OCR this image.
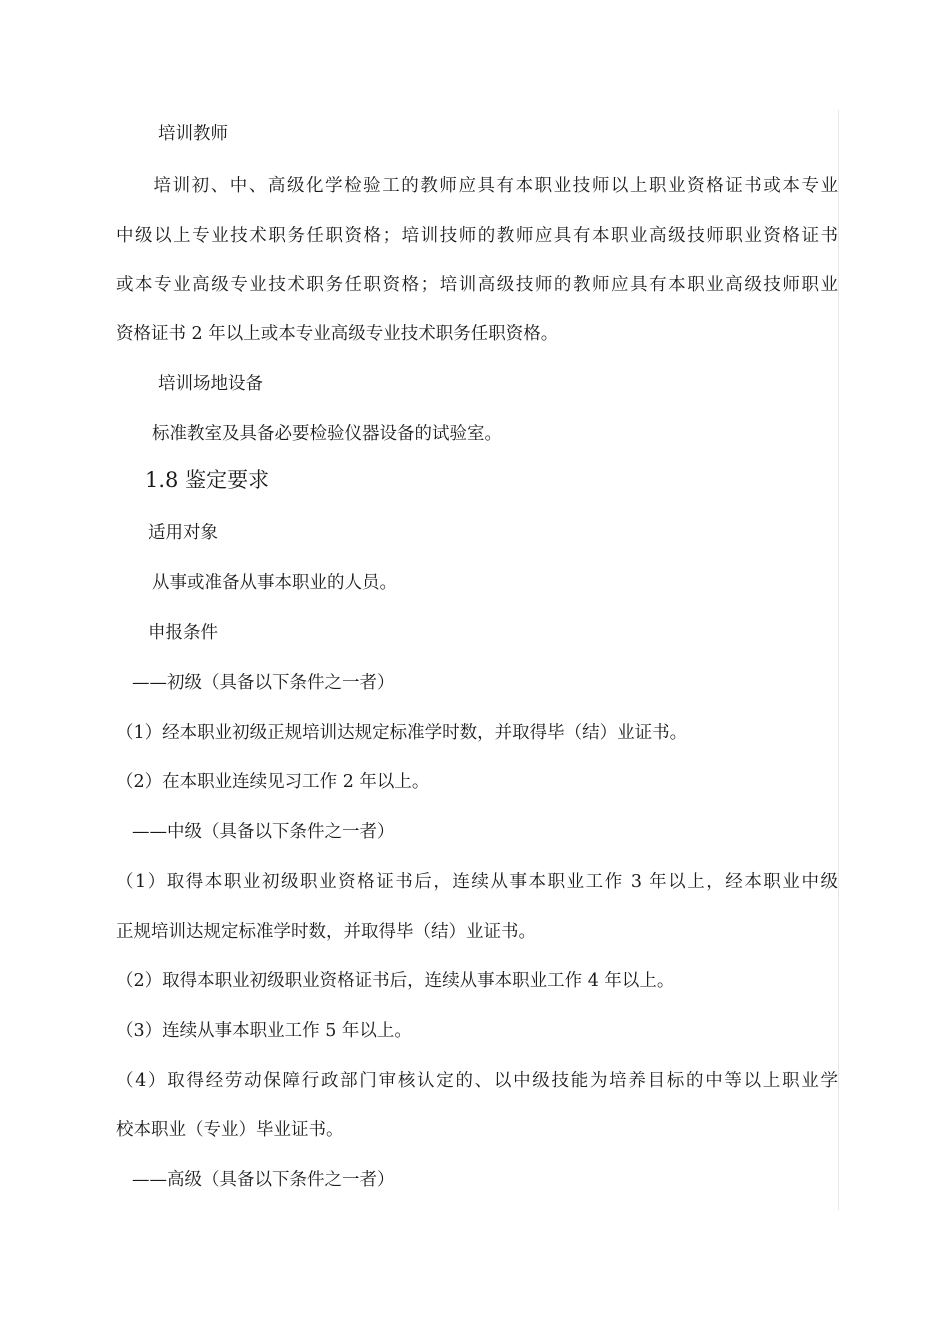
培训教师
培训初、中、高级化学检验工的教师应具有本职业技师以上职业资格证书或本专业
中级以上专业技术职务任职资格；培训技师的教师应具有本职业高级技师职业资格证书
或本专业高级专业技术职务任职资格；培训高级技师的教师应具有本职业高级技师职业
资格证书 2 年以上或本专业高级专业技术职务任职资格。
培训场地设备
标准教室及具备必要检验仪器设备的试验室。
1.8 鉴定要求
适用对象
从事或准备从事本职业的人员。
申报条件
——初级（具备以下条件之一者）
（1）经本职业初级正规培训达规定标准学时数，并取得毕（结）业证书。
（2）在本职业连续见习工作 2 年以上。
——中级（具备以下条件之一者）
（1）取得本职业初级职业资格证书后，连续从事本职业工作 3 年以上，经本职业中级
正规培训达规定标准学时数，并取得毕（结）业证书。
（2）取得本职业初级职业资格证书后，连续从事本职业工作 4 年以上。
（3）连续从事本职业工作 5 年以上。
（4）取得经劳动保障行政部门审核认定的、以中级技能为培养目标的中等以上职业学
校本职业（专业）毕业证书。
——高级（具备以下条件之一者）
